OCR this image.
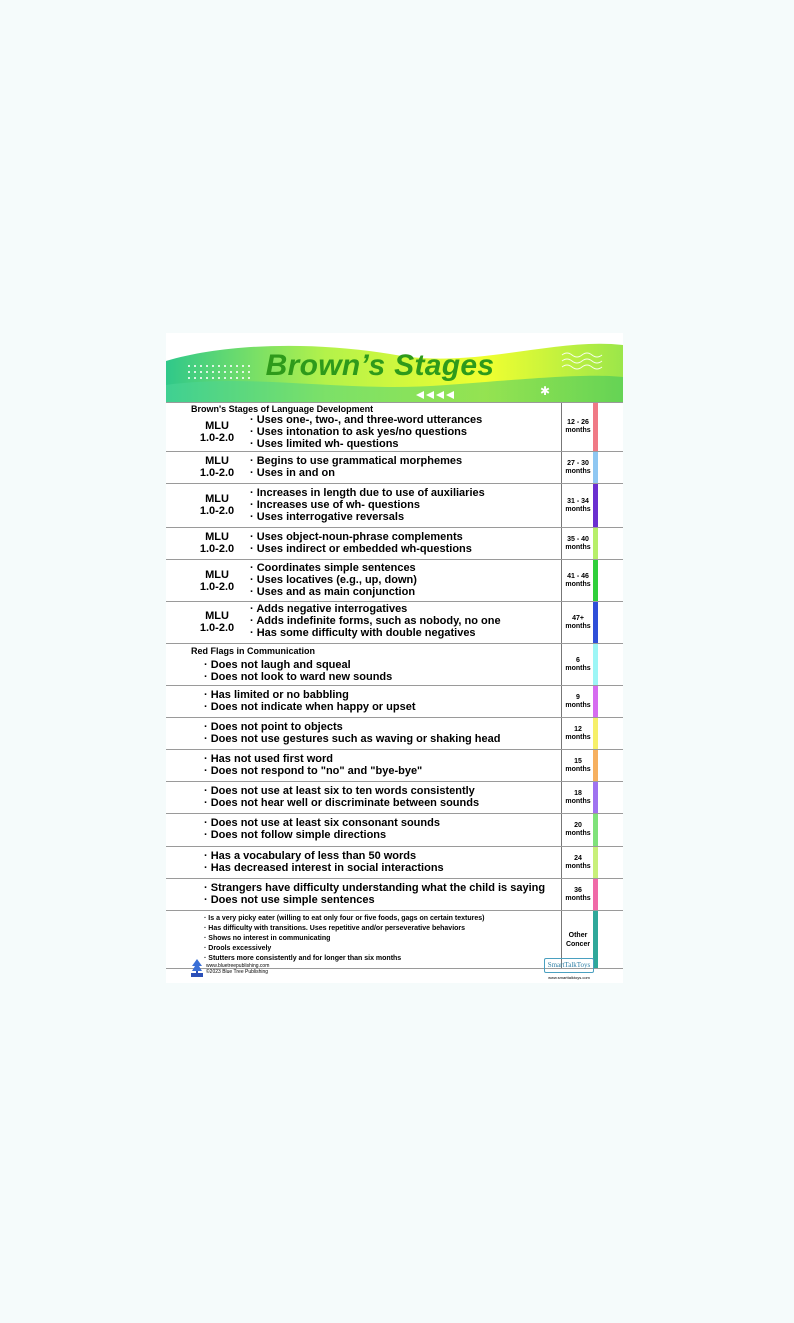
✱
Brown’s Stages
Brown's Stages of Language Development
MLU
1.0-2.0
· Uses one-, two-, and three-word utterances
· Uses intonation to ask yes/no questions
· Uses limited wh- questions
12 - 26
months
MLU
1.0-2.0
· Begins to use grammatical morphemes
· Uses in and on
27 - 30
months
MLU
1.0-2.0
· Increases in length due to use of auxiliaries
· Increases use of wh- questions
· Uses interrogative reversals
31 - 34
months
MLU
1.0-2.0
· Uses object-noun-phrase complements
· Uses indirect or embedded wh-questions
35 - 40
months
MLU
1.0-2.0
· Coordinates simple sentences
· Uses locatives (e.g., up, down)
· Uses and as main conjunction
41 - 46
months
MLU
1.0-2.0
· Adds negative interrogatives
· Adds indefinite forms, such as nobody, no one
· Has some difficulty with double negatives
47+
months
Red Flags in Communication
· Does not laugh and squeal
· Does not look to ward new sounds
6
months
· Has limited or no babbling
· Does not indicate when happy or upset
9
months
· Does not point to objects
· Does not use gestures such as waving or shaking head
12
months
· Has not used first word
· Does not respond to "no" and "bye-bye"
15
months
· Does not use at least six to ten words consistently
· Does not hear well or discriminate between sounds
18
months
· Does not use at least six consonant sounds
· Does not follow simple directions
20
months
· Has a vocabulary of less than 50 words
· Has decreased interest in social interactions
24
months
· Strangers have difficulty understanding what the child is saying
· Does not use simple sentences
36
months
· Is a very picky eater (willing to eat only four or five foods, gags on certain textures)
· Has difficulty with transitions. Uses repetitive and/or perseverative behaviors
· Shows no interest in communicating
· Drools excessively
· Stutters more consistently and for longer than six months
Other
Concer
www.bluetreepublishing.com
©2023 Blue Tree Publishing
SmartTalkToys
www.smarttalktoys.com
